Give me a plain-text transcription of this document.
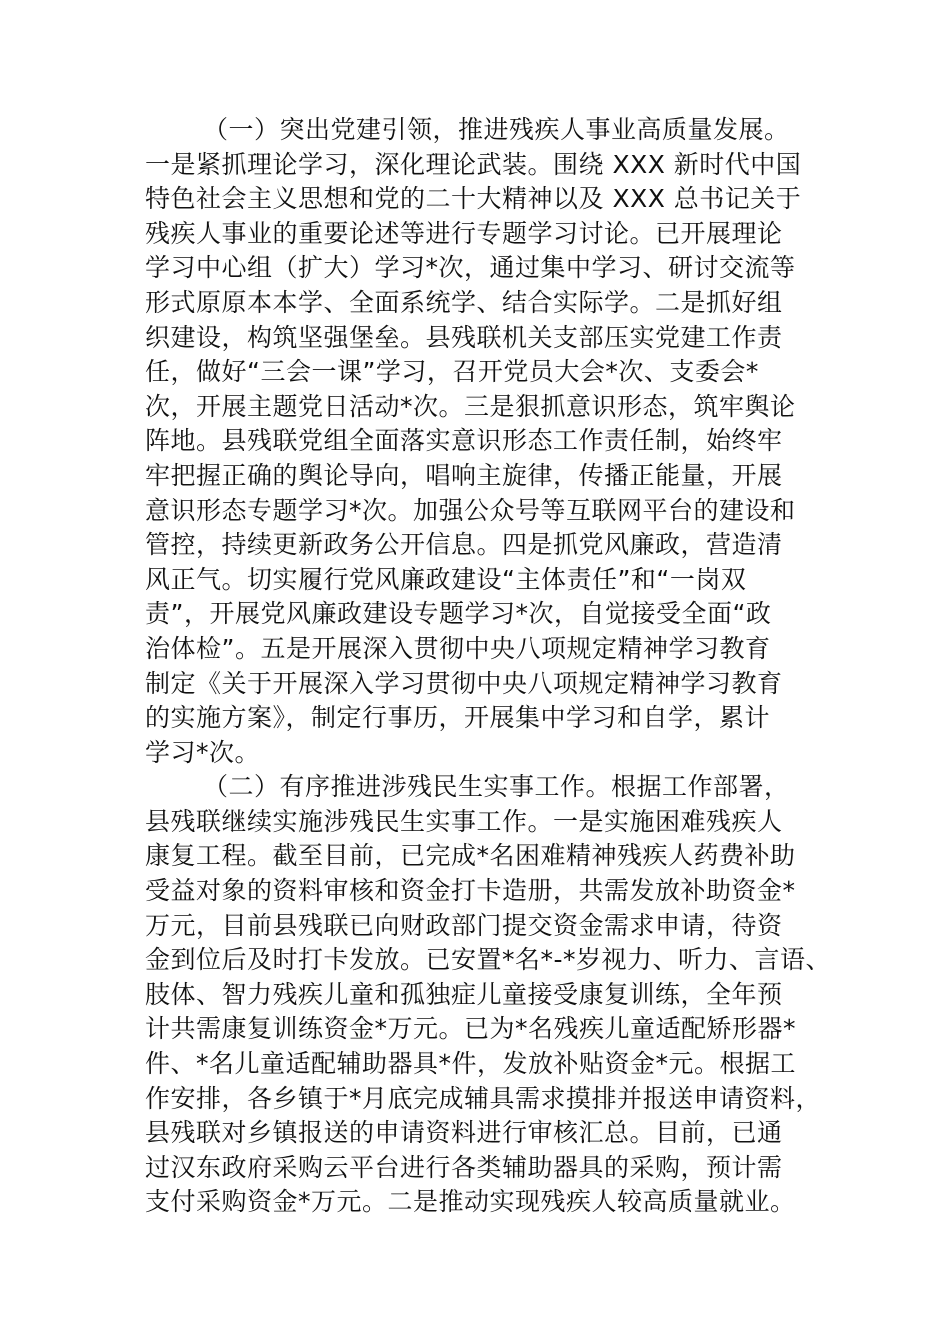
（一）突出党建引领，推进残疾人事业高质量发展。
一是紧抓理论学习，深化理论武装。围绕 XXX 新时代中国
特色社会主义思想和党的二十大精神以及 XXX 总书记关于
残疾人事业的重要论述等进行专题学习讨论。已开展理论
学习中心组（扩大）学习*次，通过集中学习、研讨交流等
形式原原本本学、全面系统学、结合实际学。二是抓好组
织建设，构筑坚强堡垒。县残联机关支部压实党建工作责
任，做好“三会一课”学习，召开党员大会*次、支委会*
次，开展主题党日活动*次。三是狠抓意识形态，筑牢舆论
阵地。县残联党组全面落实意识形态工作责任制，始终牢
牢把握正确的舆论导向，唱响主旋律，传播正能量，开展
意识形态专题学习*次。加强公众号等互联网平台的建设和
管控，持续更新政务公开信息。四是抓党风廉政，营造清
风正气。切实履行党风廉政建设“主体责任”和“一岗双
责”，开展党风廉政建设专题学习*次，自觉接受全面“政
治体检”。五是开展深入贯彻中央八项规定精神学习教育
制定《关于开展深入学习贯彻中央八项规定精神学习教育
的实施方案》，制定行事历，开展集中学习和自学，累计
学习*次。
（二）有序推进涉残民生实事工作。根据工作部署，
县残联继续实施涉残民生实事工作。一是实施困难残疾人
康复工程。截至目前，已完成*名困难精神残疾人药费补助
受益对象的资料审核和资金打卡造册，共需发放补助资金*
万元，目前县残联已向财政部门提交资金需求申请，待资
金到位后及时打卡发放。已安置*名*-*岁视力、听力、言语、
肢体、智力残疾儿童和孤独症儿童接受康复训练，全年预
计共需康复训练资金*万元。已为*名残疾儿童适配矫形器*
件、*名儿童适配辅助器具*件，发放补贴资金*元。根据工
作安排，各乡镇于*月底完成辅具需求摸排并报送申请资料，
县残联对乡镇报送的申请资料进行审核汇总。目前，已通
过汉东政府采购云平台进行各类辅助器具的采购，预计需
支付采购资金*万元。二是推动实现残疾人较高质量就业。
